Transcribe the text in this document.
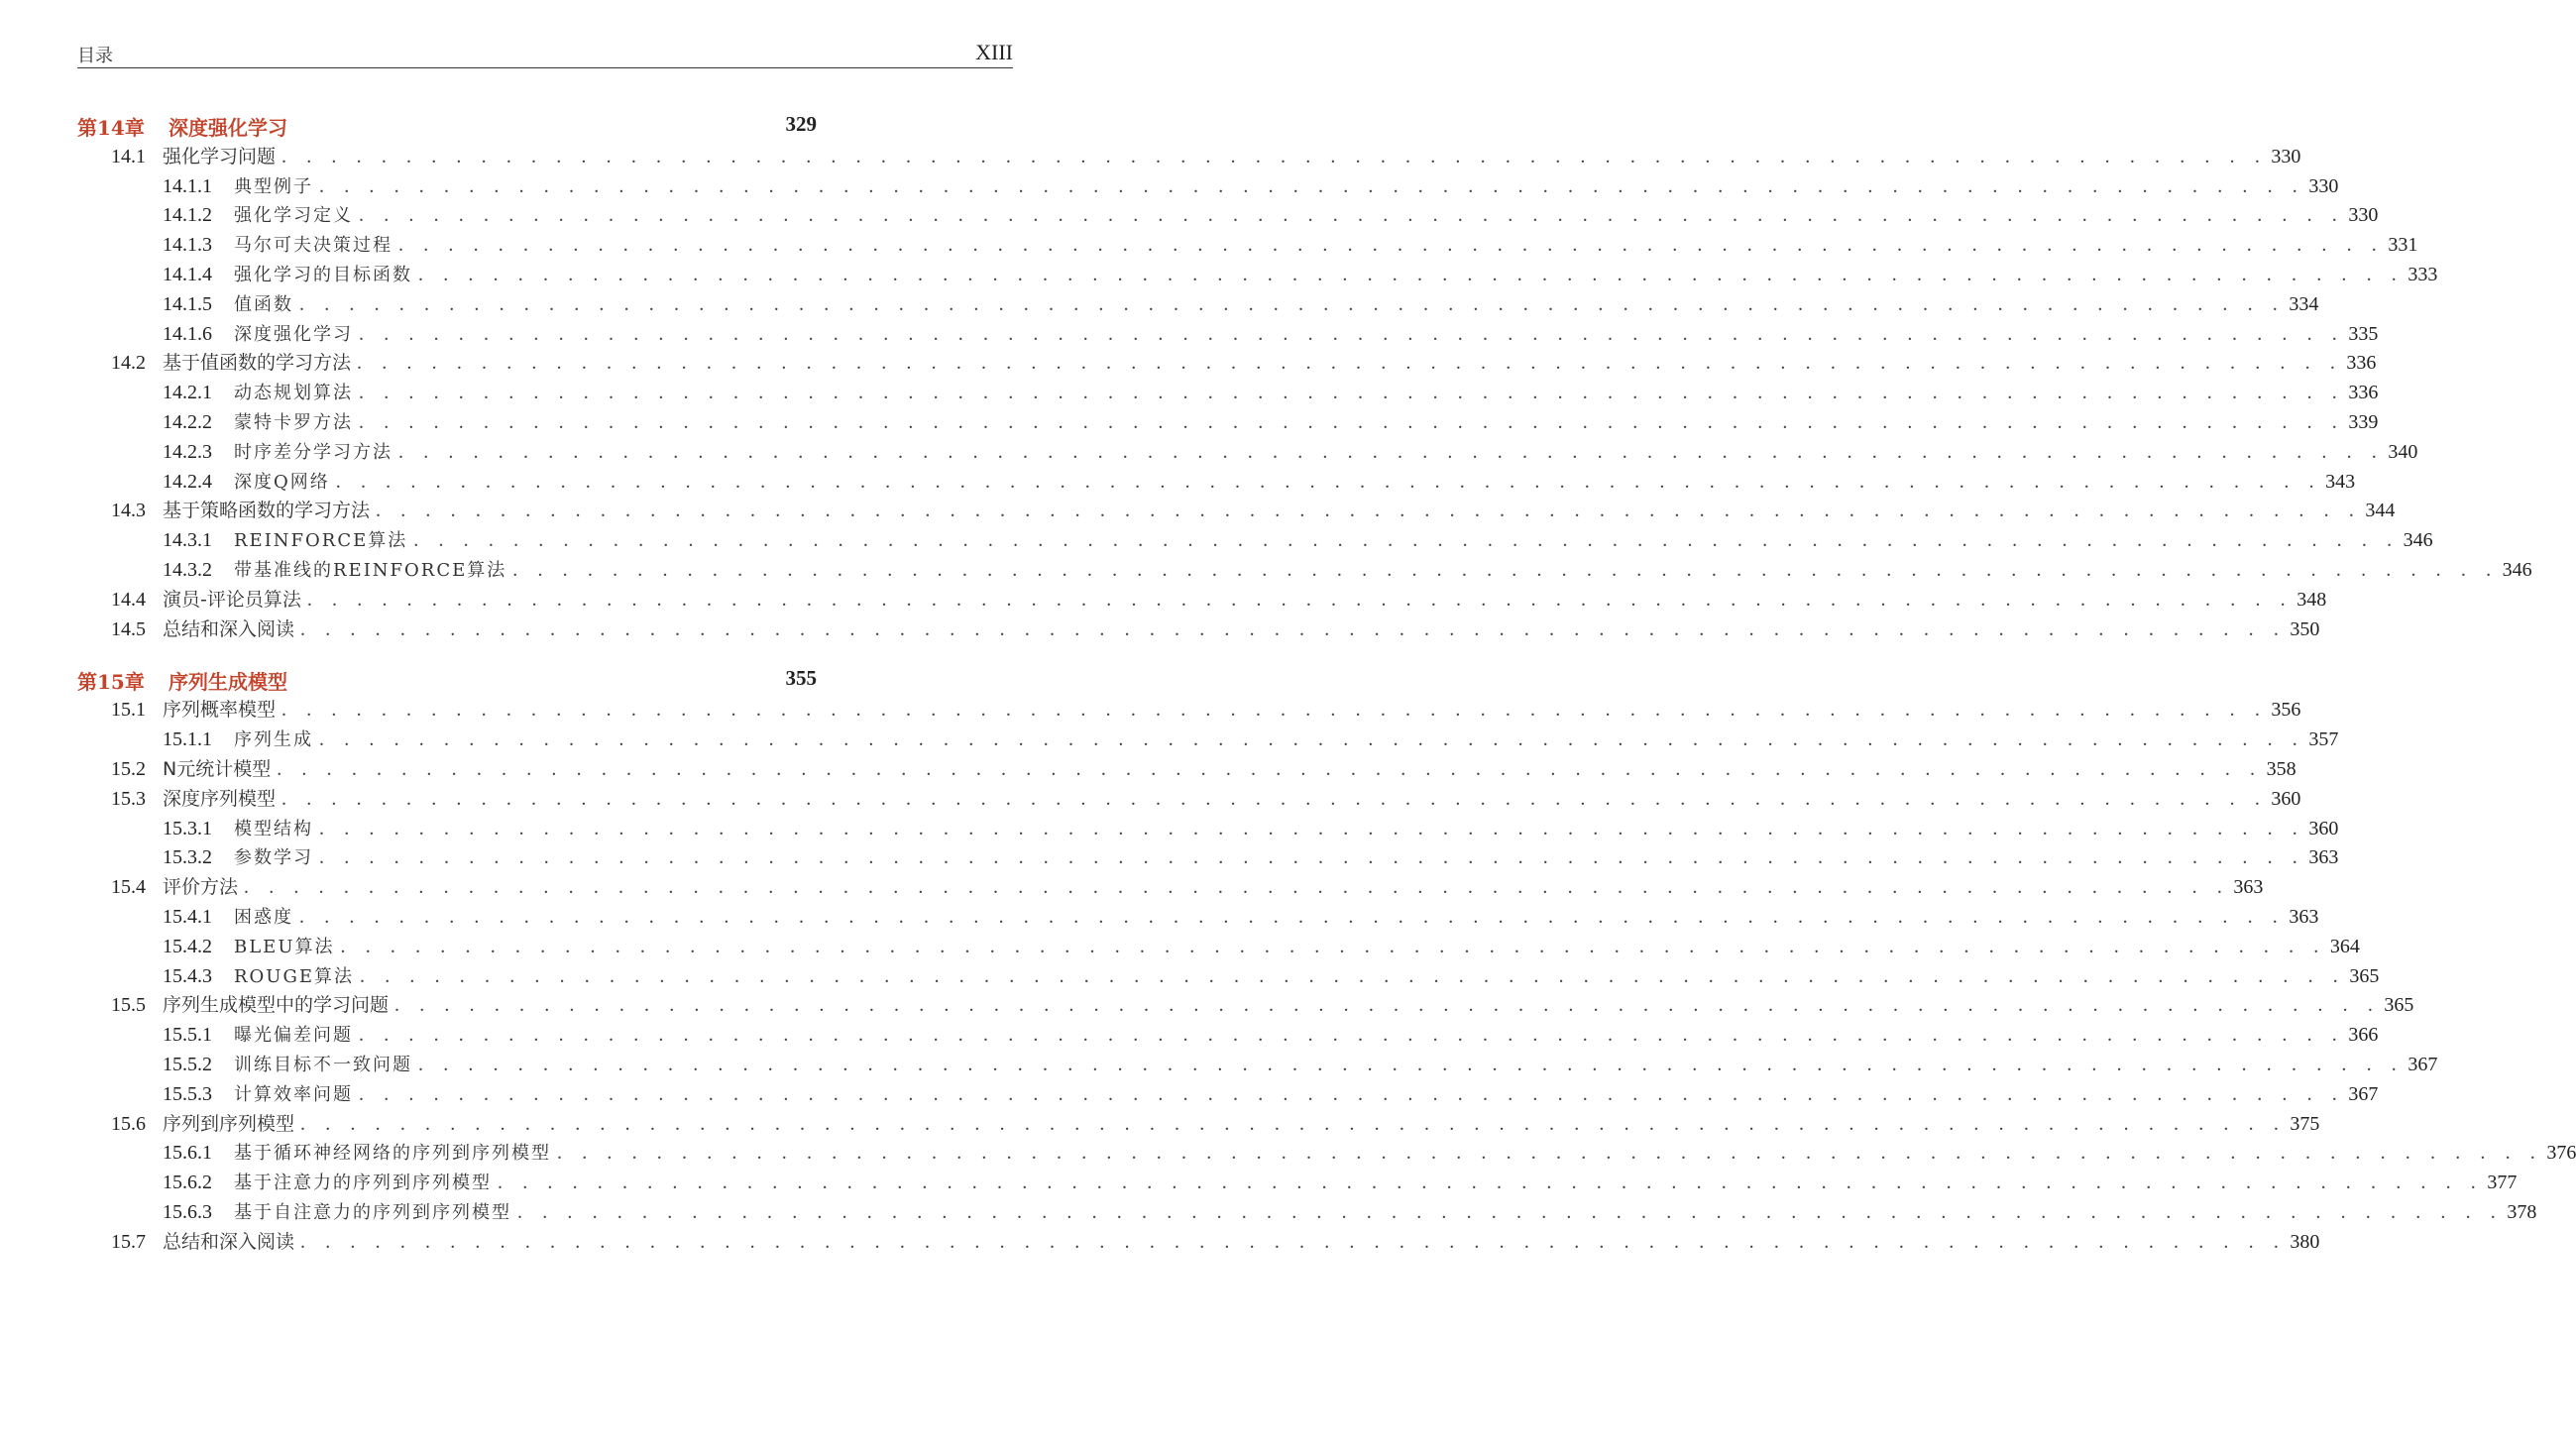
目录	XIII
第14章 深度强化学习	329
14.1 强化学习问题 . . . . . . . . . . . . . . . . . . . . . . . . . . . . . . . . . . . . . . . . . . . . . . . . . . . . . . . . . . . . . . . . . . . . . . . . . . . . . . . . 330
14.1.1	典型例子 . . . . . . . . . . . . . . . . . . . . . . . . . . . . . . . . . . . . . . . . . . . . . . . . . . . . . . . . . . . . . . . . . . . . . . . . . . . . . . . . 330
14.1.2	强化学习定义 . . . . . . . . . . . . . . . . . . . . . . . . . . . . . . . . . . . . . . . . . . . . . . . . . . . . . . . . . . . . . . . . . . . . . . . . . . . . . . . . 330
14.1.3	马尔可夫决策过程 . . . . . . . . . . . . . . . . . . . . . . . . . . . . . . . . . . . . . . . . . . . . . . . . . . . . . . . . . . . . . . . . . . . . . . . . . . . . . . . . 331
14.1.4	强化学习的目标函数 . . . . . . . . . . . . . . . . . . . . . . . . . . . . . . . . . . . . . . . . . . . . . . . . . . . . . . . . . . . . . . . . . . . . . . . . . . . . . . . . 333
14.1.5	值函数 . . . . . . . . . . . . . . . . . . . . . . . . . . . . . . . . . . . . . . . . . . . . . . . . . . . . . . . . . . . . . . . . . . . . . . . . . . . . . . . . 334
14.1.6	深度强化学习 . . . . . . . . . . . . . . . . . . . . . . . . . . . . . . . . . . . . . . . . . . . . . . . . . . . . . . . . . . . . . . . . . . . . . . . . . . . . . . . . 335
14.2 基于值函数的学习方法 . . . . . . . . . . . . . . . . . . . . . . . . . . . . . . . . . . . . . . . . . . . . . . . . . . . . . . . . . . . . . . . . . . . . . . . . . . . . . . . . 336
14.2.1	动态规划算法 . . . . . . . . . . . . . . . . . . . . . . . . . . . . . . . . . . . . . . . . . . . . . . . . . . . . . . . . . . . . . . . . . . . . . . . . . . . . . . . . 336
14.2.2	蒙特卡罗方法 . . . . . . . . . . . . . . . . . . . . . . . . . . . . . . . . . . . . . . . . . . . . . . . . . . . . . . . . . . . . . . . . . . . . . . . . . . . . . . . . 339
14.2.3	时序差分学习方法 . . . . . . . . . . . . . . . . . . . . . . . . . . . . . . . . . . . . . . . . . . . . . . . . . . . . . . . . . . . . . . . . . . . . . . . . . . . . . . . . 340
14.2.4	深度Q网络 . . . . . . . . . . . . . . . . . . . . . . . . . . . . . . . . . . . . . . . . . . . . . . . . . . . . . . . . . . . . . . . . . . . . . . . . . . . . . . . . 343
14.3 基于策略函数的学习方法 . . . . . . . . . . . . . . . . . . . . . . . . . . . . . . . . . . . . . . . . . . . . . . . . . . . . . . . . . . . . . . . . . . . . . . . . . . . . . . . . 344
14.3.1	REINFORCE算法 . . . . . . . . . . . . . . . . . . . . . . . . . . . . . . . . . . . . . . . . . . . . . . . . . . . . . . . . . . . . . . . . . . . . . . . . . . . . . . . . 346
14.3.2	带基准线的REINFORCE算法 . . . . . . . . . . . . . . . . . . . . . . . . . . . . . . . . . . . . . . . . . . . . . . . . . . . . . . . . . . . . . . . . . . . . . . . . . . . . . . . . 346
14.4 演员-评论员算法 . . . . . . . . . . . . . . . . . . . . . . . . . . . . . . . . . . . . . . . . . . . . . . . . . . . . . . . . . . . . . . . . . . . . . . . . . . . . . . . . 348
14.5 总结和深入阅读 . . . . . . . . . . . . . . . . . . . . . . . . . . . . . . . . . . . . . . . . . . . . . . . . . . . . . . . . . . . . . . . . . . . . . . . . . . . . . . . . 350
第15章 序列生成模型	355
15.1 序列概率模型 . . . . . . . . . . . . . . . . . . . . . . . . . . . . . . . . . . . . . . . . . . . . . . . . . . . . . . . . . . . . . . . . . . . . . . . . . . . . . . . . 356
15.1.1	序列生成 . . . . . . . . . . . . . . . . . . . . . . . . . . . . . . . . . . . . . . . . . . . . . . . . . . . . . . . . . . . . . . . . . . . . . . . . . . . . . . . . 357
15.2 N元统计模型 . . . . . . . . . . . . . . . . . . . . . . . . . . . . . . . . . . . . . . . . . . . . . . . . . . . . . . . . . . . . . . . . . . . . . . . . . . . . . . . . 358
15.3 深度序列模型 . . . . . . . . . . . . . . . . . . . . . . . . . . . . . . . . . . . . . . . . . . . . . . . . . . . . . . . . . . . . . . . . . . . . . . . . . . . . . . . . 360
15.3.1	模型结构 . . . . . . . . . . . . . . . . . . . . . . . . . . . . . . . . . . . . . . . . . . . . . . . . . . . . . . . . . . . . . . . . . . . . . . . . . . . . . . . . 360
15.3.2	参数学习 . . . . . . . . . . . . . . . . . . . . . . . . . . . . . . . . . . . . . . . . . . . . . . . . . . . . . . . . . . . . . . . . . . . . . . . . . . . . . . . . 363
15.4 评价方法 . . . . . . . . . . . . . . . . . . . . . . . . . . . . . . . . . . . . . . . . . . . . . . . . . . . . . . . . . . . . . . . . . . . . . . . . . . . . . . . . 363
15.4.1	困惑度 . . . . . . . . . . . . . . . . . . . . . . . . . . . . . . . . . . . . . . . . . . . . . . . . . . . . . . . . . . . . . . . . . . . . . . . . . . . . . . . . 363
15.4.2	BLEU算法 . . . . . . . . . . . . . . . . . . . . . . . . . . . . . . . . . . . . . . . . . . . . . . . . . . . . . . . . . . . . . . . . . . . . . . . . . . . . . . . . 364
15.4.3	ROUGE算法 . . . . . . . . . . . . . . . . . . . . . . . . . . . . . . . . . . . . . . . . . . . . . . . . . . . . . . . . . . . . . . . . . . . . . . . . . . . . . . . . 365
15.5 序列生成模型中的学习问题 . . . . . . . . . . . . . . . . . . . . . . . . . . . . . . . . . . . . . . . . . . . . . . . . . . . . . . . . . . . . . . . . . . . . . . . . . . . . . . . . 365
15.5.1	曝光偏差问题 . . . . . . . . . . . . . . . . . . . . . . . . . . . . . . . . . . . . . . . . . . . . . . . . . . . . . . . . . . . . . . . . . . . . . . . . . . . . . . . . 366
15.5.2	训练目标不一致问题 . . . . . . . . . . . . . . . . . . . . . . . . . . . . . . . . . . . . . . . . . . . . . . . . . . . . . . . . . . . . . . . . . . . . . . . . . . . . . . . . 367
15.5.3	计算效率问题 . . . . . . . . . . . . . . . . . . . . . . . . . . . . . . . . . . . . . . . . . . . . . . . . . . . . . . . . . . . . . . . . . . . . . . . . . . . . . . . . 367
15.6 序列到序列模型 . . . . . . . . . . . . . . . . . . . . . . . . . . . . . . . . . . . . . . . . . . . . . . . . . . . . . . . . . . . . . . . . . . . . . . . . . . . . . . . . 375
15.6.1	基于循环神经网络的序列到序列模型 . . . . . . . . . . . . . . . . . . . . . . . . . . . . . . . . . . . . . . . . . . . . . . . . . . . . . . . . . . . . . . . . . . . . . . . . . . . . . . . . 376
15.6.2	基于注意力的序列到序列模型 . . . . . . . . . . . . . . . . . . . . . . . . . . . . . . . . . . . . . . . . . . . . . . . . . . . . . . . . . . . . . . . . . . . . . . . . . . . . . . . . 377
15.6.3	基于自注意力的序列到序列模型 . . . . . . . . . . . . . . . . . . . . . . . . . . . . . . . . . . . . . . . . . . . . . . . . . . . . . . . . . . . . . . . . . . . . . . . . . . . . . . . . 378
15.7 总结和深入阅读 . . . . . . . . . . . . . . . . . . . . . . . . . . . . . . . . . . . . . . . . . . . . . . . . . . . . . . . . . . . . . . . . . . . . . . . . . . . . . . . . 380
